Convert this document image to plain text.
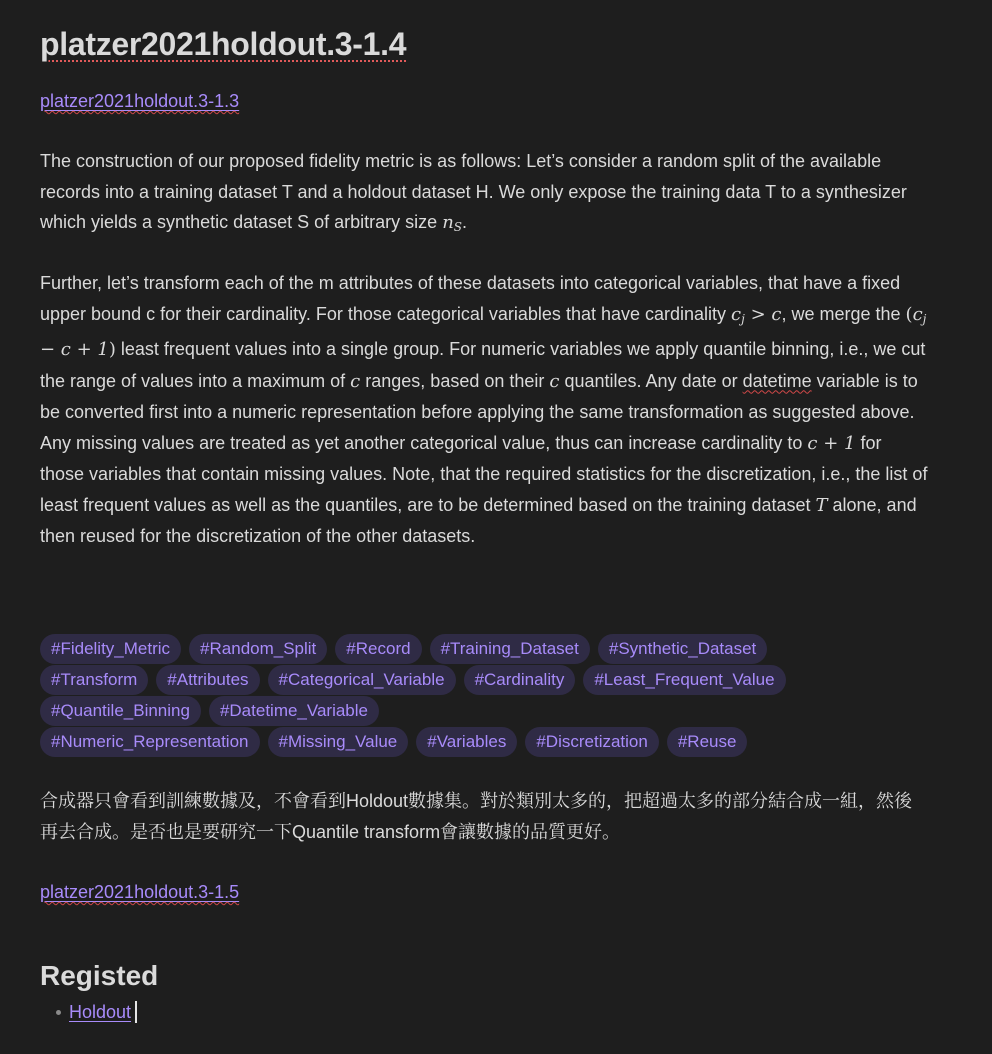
platzer2021holdout.3-1.4
platzer2021holdout.3-1.3

The construction of our proposed fidelity metric is as follows: Let’s consider a random split of the available records into a training dataset T and a holdout dataset H. We only expose the training data T to a synthesizer which yields a synthetic dataset S of arbitrary size $n_S$.

Further, let’s transform each of the m attributes of these datasets into categorical variables, that have a fixed upper bound c for their cardinality. For those categorical variables that have cardinality $c_j > c$, we merge the $(c_j - c + 1)$ least frequent values into a single group. For numeric variables we apply quantile binning, i.e., we cut the range of values into a maximum of c ranges, based on their c quantiles. Any date or datetime variable is to be converted first into a numeric representation before applying the same transformation as suggested above. Any missing values are treated as yet another categorical value, thus can increase cardinality to c + 1 for those variables that contain missing values. Note, that the required statistics for the discretization, i.e., the list of least frequent values as well as the quantiles, are to be determined based on the training dataset T alone, and then reused for the discretization of the other datasets.

#Fidelity_Metric	#Random_Split	#Record	#Training_Dataset	#Synthetic_Dataset
#Transform	#Attributes	#Categorical_Variable	#Cardinality	#Least_Frequent_Value
#Quantile_Binning	#Datetime_Variable
#Numeric_Representation	#Missing_Value	#Variables	#Discretization	#Reuse

合成器只會看到訓練數據及，不會看到Holdout數據集。對於類別太多的，把超過太多的部分結合成一組，然後再去合成。是否也是要研究一下Quantile transform會讓數據的品質更好。

platzer2021holdout.3-1.5
Registed
Holdout
